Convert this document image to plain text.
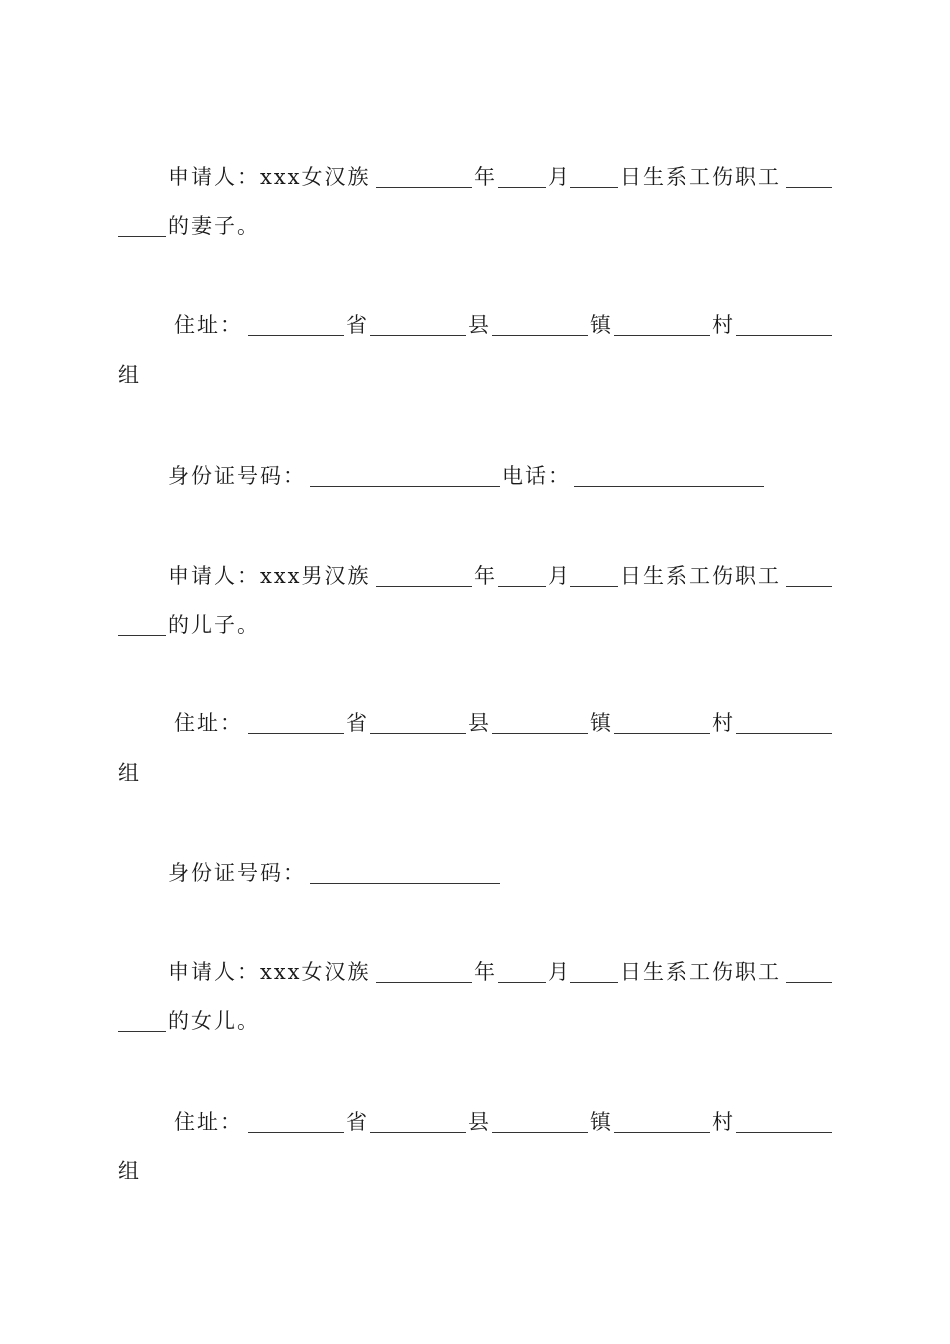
申请人：xxx女汉族	年 月 日生系工伤职工
的妻子。
住址：	省	县	镇	村
组
身份证号码：	电话：
申请人：xxx男汉族	年 月 日生系工伤职工
的儿子。
住址：	省	县	镇	村
组
身份证号码：
申请人：xxx女汉族	年 月 日生系工伤职工
的女儿。
住址：	省	县	镇	村
组
